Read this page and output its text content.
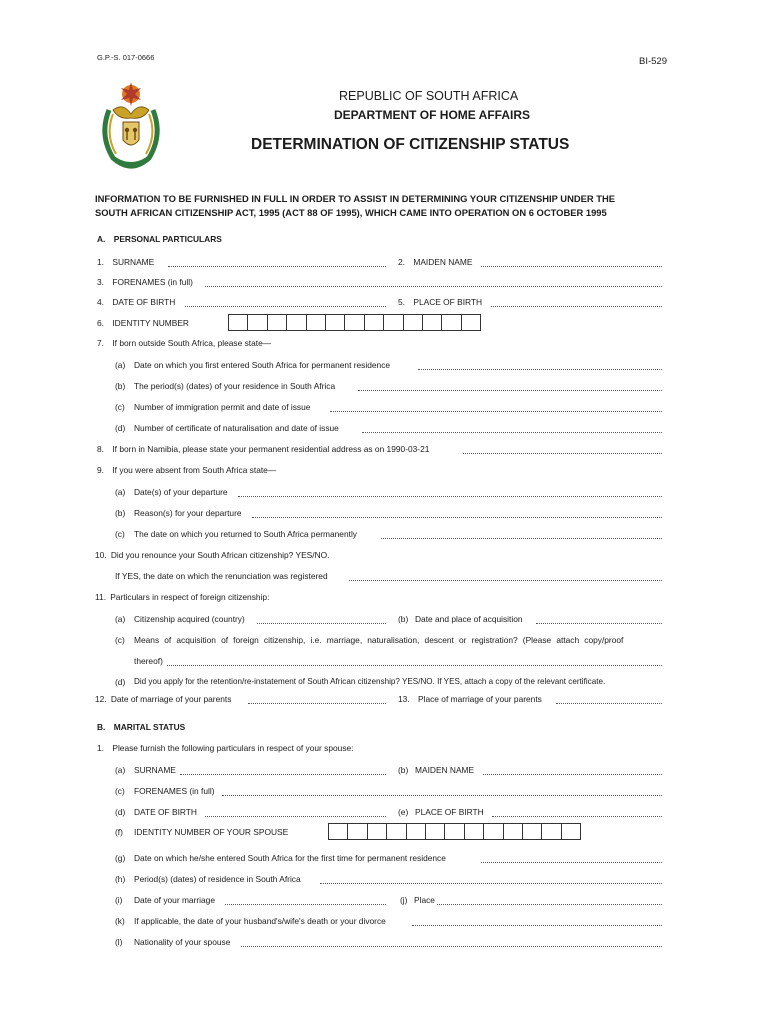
G.P.-S. 017-0666	BI-529
REPUBLIC OF SOUTH AFRICA
DEPARTMENT OF HOME AFFAIRS
DETERMINATION OF CITIZENSHIP STATUS
INFORMATION TO BE FURNISHED IN FULL IN ORDER TO ASSIST IN DETERMINING YOUR CITIZENSHIP UNDER THE
SOUTH AFRICAN CITIZENSHIP ACT, 1995 (ACT 88 OF 1995), WHICH CAME INTO OPERATION ON 6 OCTOBER 1995
A. PERSONAL PARTICULARS
1. SURNAME	2. MAIDEN NAME
3. FORENAMES (in full)
4. DATE OF BIRTH	5. PLACE OF BIRTH
6. IDENTITY NUMBER
7. If born outside South Africa, please state—
(a) Date on which you first entered South Africa for permanent residence
(b) The period(s) (dates) of your residence in South Africa
(c) Number of immigration permit and date of issue
(d) Number of certificate of naturalisation and date of issue
8. If born in Namibia, please state your permanent residential address as on 1990-03-21
9. If you were absent from South Africa state—
(a) Date(s) of your departure
(b) Reason(s) for your departure
(c) The date on which you returned to South Africa permanently
10. Did you renounce your South African citizenship? YES/NO.
If YES, the date on which the renunciation was registered
11. Particulars in respect of foreign citizenship:
(a) Citizenship acquired (country)	(b) Date and place of acquisition
(c) Means of acquisition of foreign citizenship, i.e. marriage, naturalisation, descent or registration? (Please attach copy/proof
thereof)
(d) Did you apply for the retention/re-instatement of South African citizenship? YES/NO. If YES, attach a copy of the relevant certificate.
12. Date of marriage of your parents	13. Place of marriage of your parents
B. MARITAL STATUS
1. Please furnish the following particulars in respect of your spouse:
(a) SURNAME	(b) MAIDEN NAME
(c) FORENAMES (in full)
(d) DATE OF BIRTH	(e) PLACE OF BIRTH
(f) IDENTITY NUMBER OF YOUR SPOUSE
(g) Date on which he/she entered South Africa for the first time for permanent residence
(h) Period(s) (dates) of residence in South Africa
(i) Date of your marriage	(j) Place
(k) If applicable, the date of your husband's/wife's death or your divorce
(l) Nationality of your spouse
